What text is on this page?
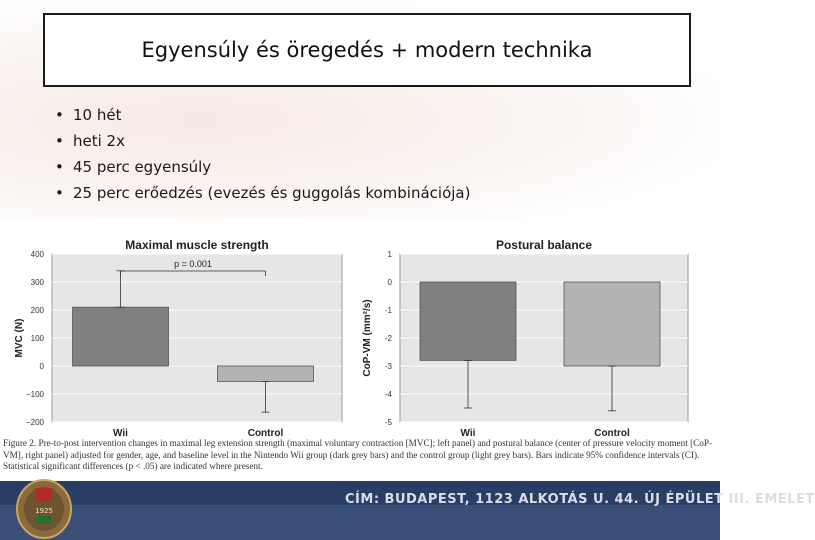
Egyensúly és öregedés + modern technika
• 10 hét
• heti 2x
• 45 perc egyensúly
• 25 perc erőedzés (evezés és guggolás kombinációja)
Maximal muscle strength
400
300
200
100
0
−100
−200
MVC (N)
Wii	Control
p = 0.001
Postural balance
1
0
-1
-2
-3
-4
-5
CoP-VM (mm²/s)
Wii	Control
Figure 2. Pre-to-post intervention changes in maximal leg extension strength (maximal voluntary contraction [MVC]; left panel) and postural balance (center of pressure velocity moment [CoP-VM], right panel) adjusted for gender, age, and baseline level in the Nintendo Wii group (dark grey bars) and the control group (light grey bars). Bars indicate 95% confidence intervals (CI). Statistical significant differences (p < .05) are indicated where present.
1925
CÍM: BUDAPEST, 1123 ALKOTÁS U. 44. ÚJ ÉPÜLET III. EMELET
